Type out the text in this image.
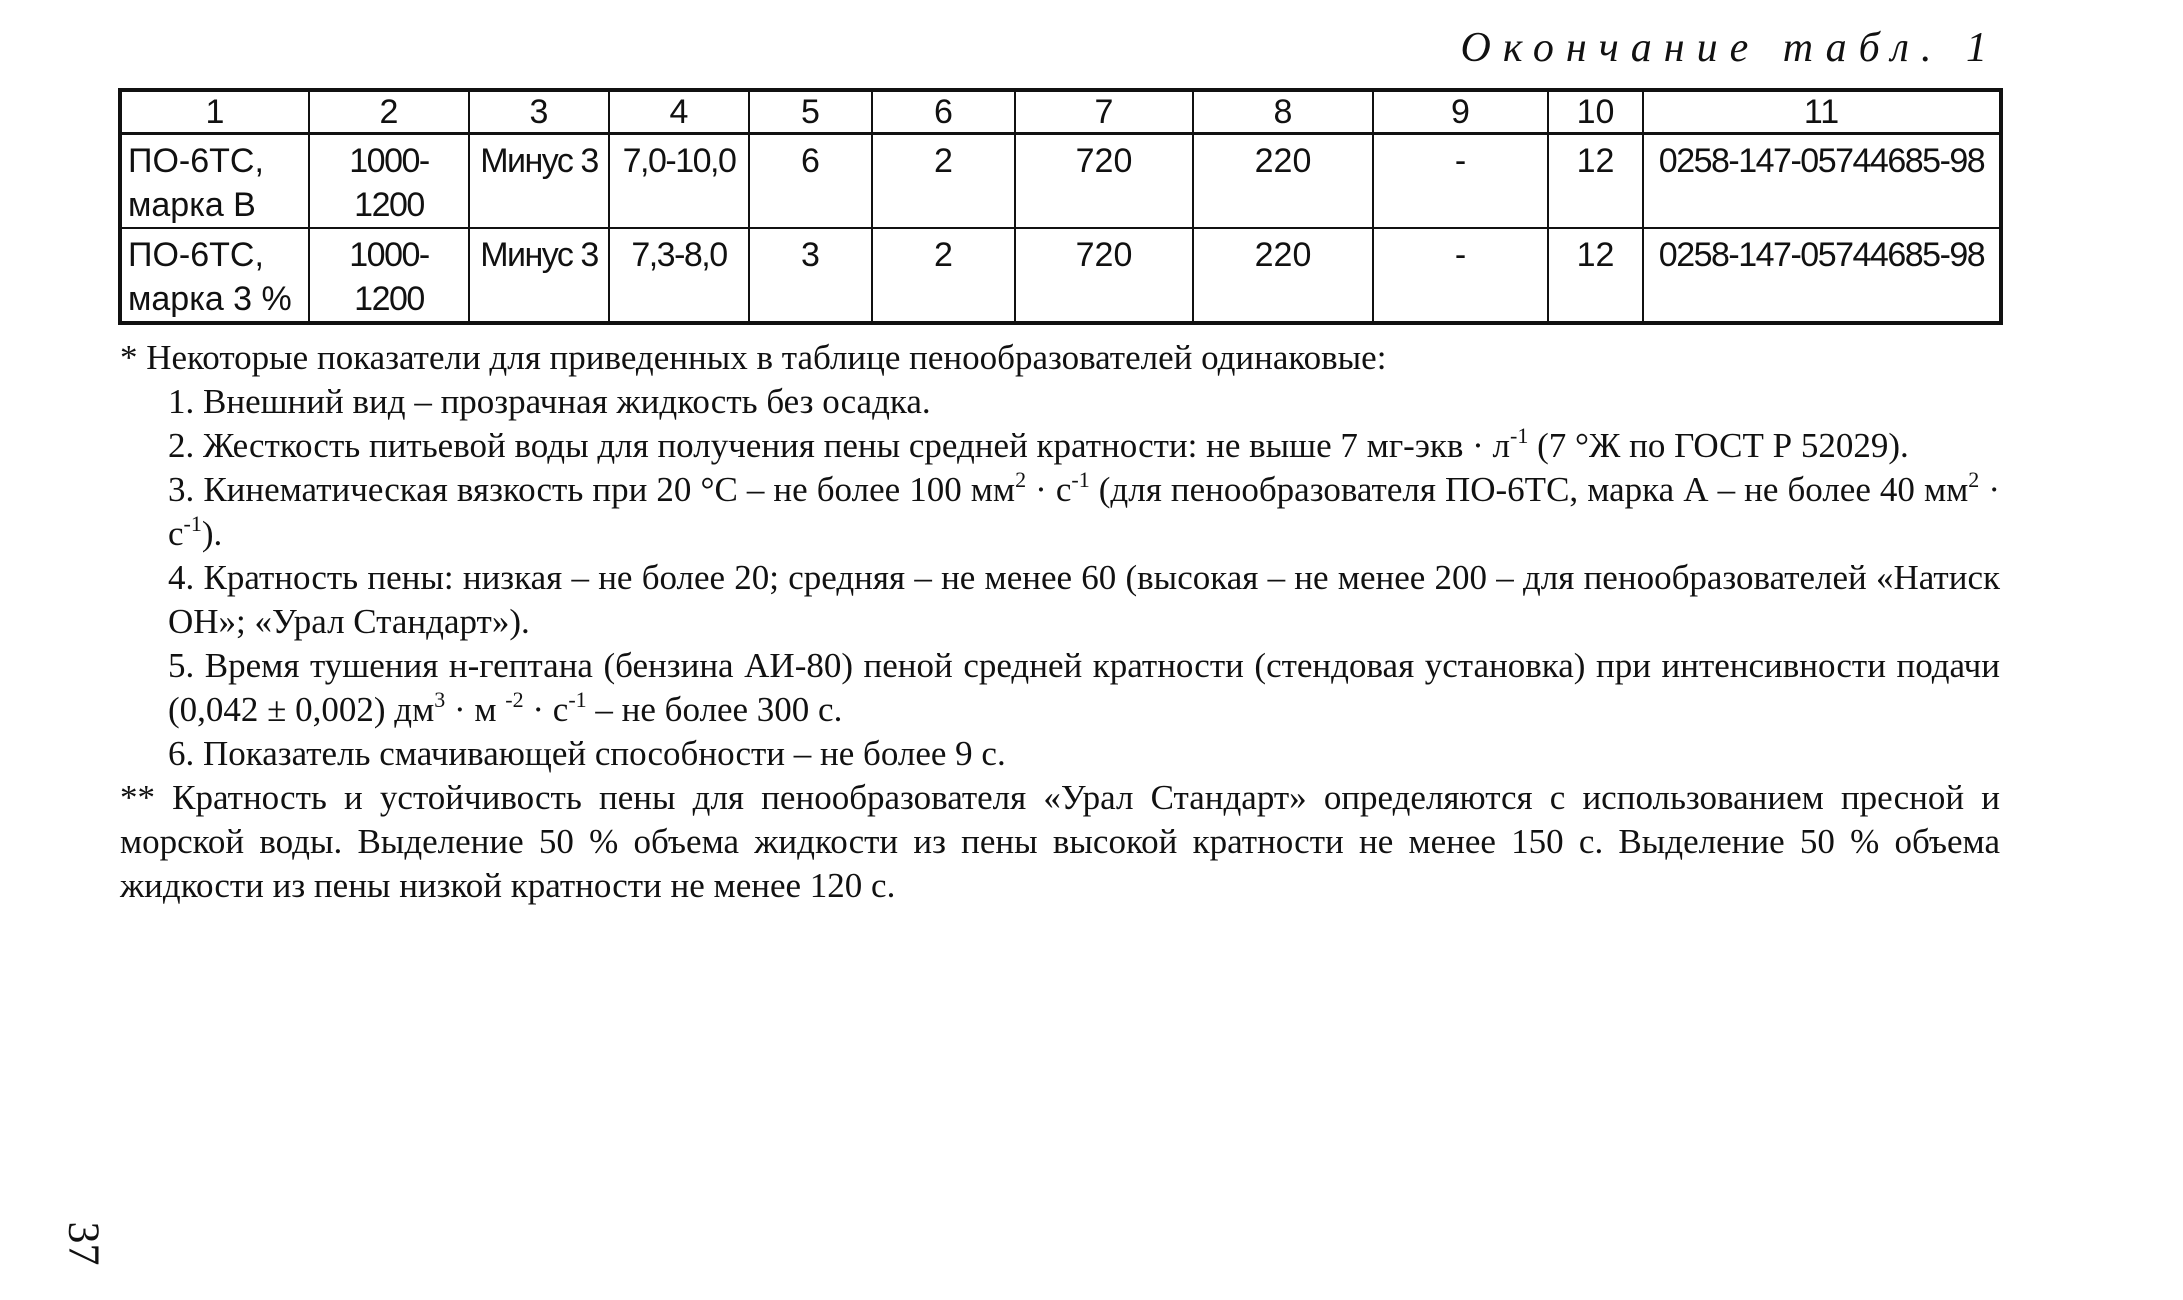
Окончание табл. 1
1	2	3	4	5	6	7	8	9	10	11
ПО-6ТС,
марка В	1000-1200	Минус 3	7,0-10,0	6	2	720	220	-	12	0258-147-05744685-98
ПО-6ТС,
марка 3 %	1000-1200	Минус 3	7,3-8,0	3	2	720	220	-	12	0258-147-05744685-98

* Некоторые показатели для приведенных в таблице пенообразователей одинаковые:

1. Внешний вид – прозрачная жидкость без осадка.

2. Жесткость питьевой воды для получения пены средней кратности: не выше 7 $мг-экв \cdot л^{-1}$ (7 °Ж по ГОСТ Р 52029).

3. Кинематическая вязкость при 20 °С – не более 100 $мм^2 \cdot с^{-1}$ (для пенообразователя ПО-6ТС, марка А – не более 40 $мм^2 \cdot с^{-1}$).

4. Кратность пены: низкая – не более 20; средняя – не менее 60 (высокая – не менее 200 – для пенообразователей «Натиск ОН»; «Урал Стандарт»).

5. Время тушения н-гептана (бензина АИ-80) пеной средней кратности (стендовая установка) при интенсивности подачи (0,042 ± 0,002) $дм^3 \cdot м$ $^{-2} \cdot с^{-1}$ – не более 300 с.

6. Показатель смачивающей способности – не более 9 с.

** Кратность и устойчивость пены для пенообразователя «Урал Стандарт» определяются с использованием пресной и морской воды. Выделение 50 % объема жидкости из пены высокой кратности не менее 150 с. Выделение 50 % объема жидкости из пены низкой кратности не менее 120 с.

37
